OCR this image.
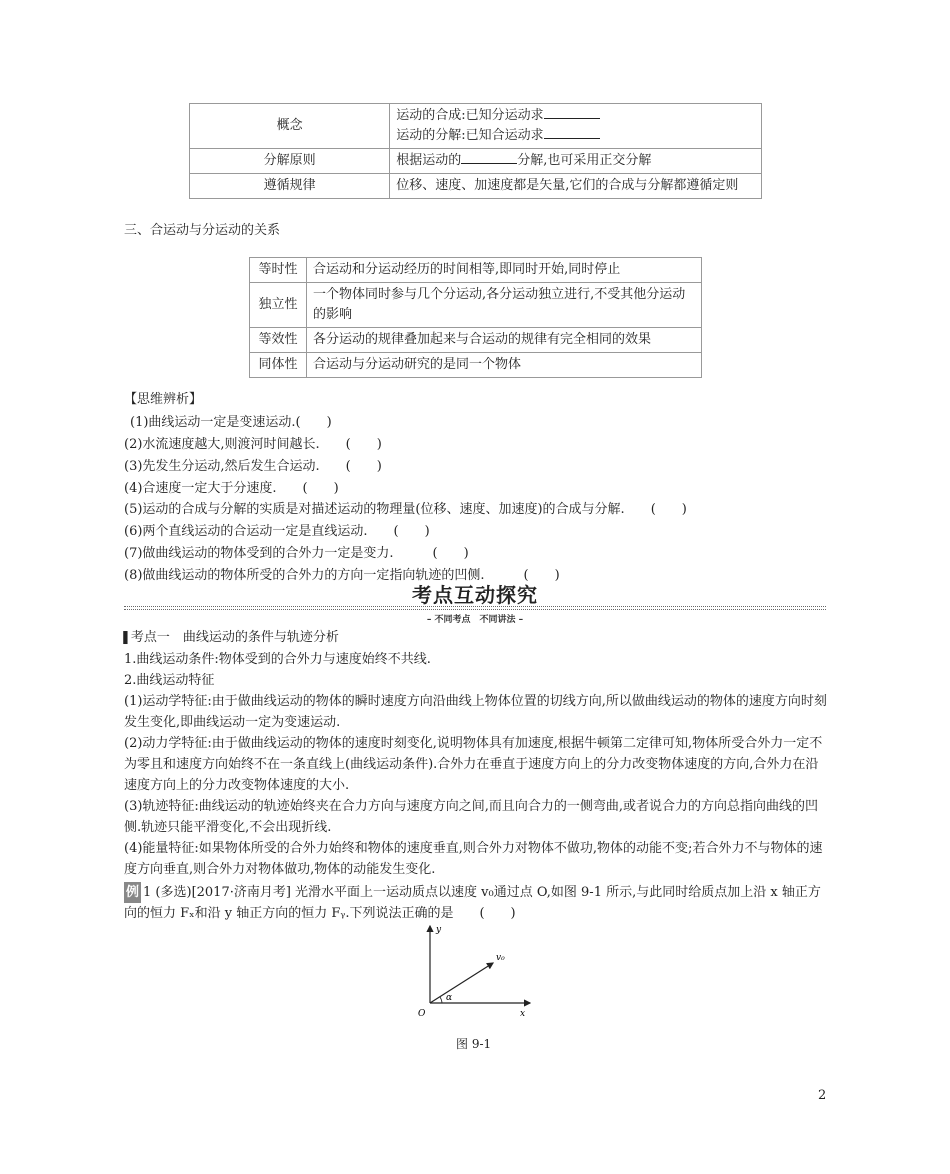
概念	运动的合成:已知分运动求
运动的分解:已知合运动求

分解原则	根据运动的 分解,也可采用正交分解
遵循规律	位移、速度、加速度都是矢量,它们的合成与分解都遵循定则
三、合运动与分运动的关系
等时性	合运动和分运动经历的时间相等,即同时开始,同时停止
独立性	一个物体同时参与几个分运动,各分运动独立进行,不受其他分运动的影响
等效性	各分运动的规律叠加起来与合运动的规律有完全相同的效果
同体性	合运动与分运动研究的是同一个物体
【思维辨析】
(1)曲线运动一定是变速运动.(　　)
(2)水流速度越大,则渡河时间越长.　　(　　)
(3)先发生分运动,然后发生合运动.　　(　　)
(4)合速度一定大于分速度.　　(　　)
(5)运动的合成与分解的实质是对描述运动的物理量(位移、速度、加速度)的合成与分解.　　(　　)
(6)两个直线运动的合运动一定是直线运动.　　(　　)
(7)做曲线运动的物体受到的合外力一定是变力.　　　(　　)
(8)做曲线运动的物体所受的合外力的方向一定指向轨迹的凹侧.　　　(　　)
考点互动探究
– 不同考点　不同讲法 –
❚考点一　曲线运动的条件与轨迹分析
1.曲线运动条件:物体受到的合外力与速度始终不共线.
2.曲线运动特征
(1)运动学特征:由于做曲线运动的物体的瞬时速度方向沿曲线上物体位置的切线方向,所以做曲线运动的物体的速度方向时刻发生变化,即曲线运动一定为变速运动.
(2)动力学特征:由于做曲线运动的物体的速度时刻变化,说明物体具有加速度,根据牛顿第二定律可知,物体所受合外力一定不为零且和速度方向始终不在一条直线上(曲线运动条件).合外力在垂直于速度方向上的分力改变物体速度的方向,合外力在沿速度方向上的分力改变物体速度的大小.
(3)轨迹特征:曲线运动的轨迹始终夹在合力方向与速度方向之间,而且向合力的一侧弯曲,或者说合力的方向总指向曲线的凹侧.轨迹只能平滑变化,不会出现折线.
(4)能量特征:如果物体所受的合外力始终和物体的速度垂直,则合外力对物体不做功,物体的动能不变;若合外力不与物体的速度方向垂直,则合外力对物体做功,物体的动能发生变化.
例 1 (多选)[2017·济南月考] 光滑水平面上一运动质点以速度 v₀通过点 O,如图 9-1 所示,与此同时给质点加上沿 x 轴正方向的恒力 Fₓ和沿 y 轴正方向的恒力 Fᵧ.下列说法正确的是　　(　　)
y
x
O
v₀
α
图 9-1
2
